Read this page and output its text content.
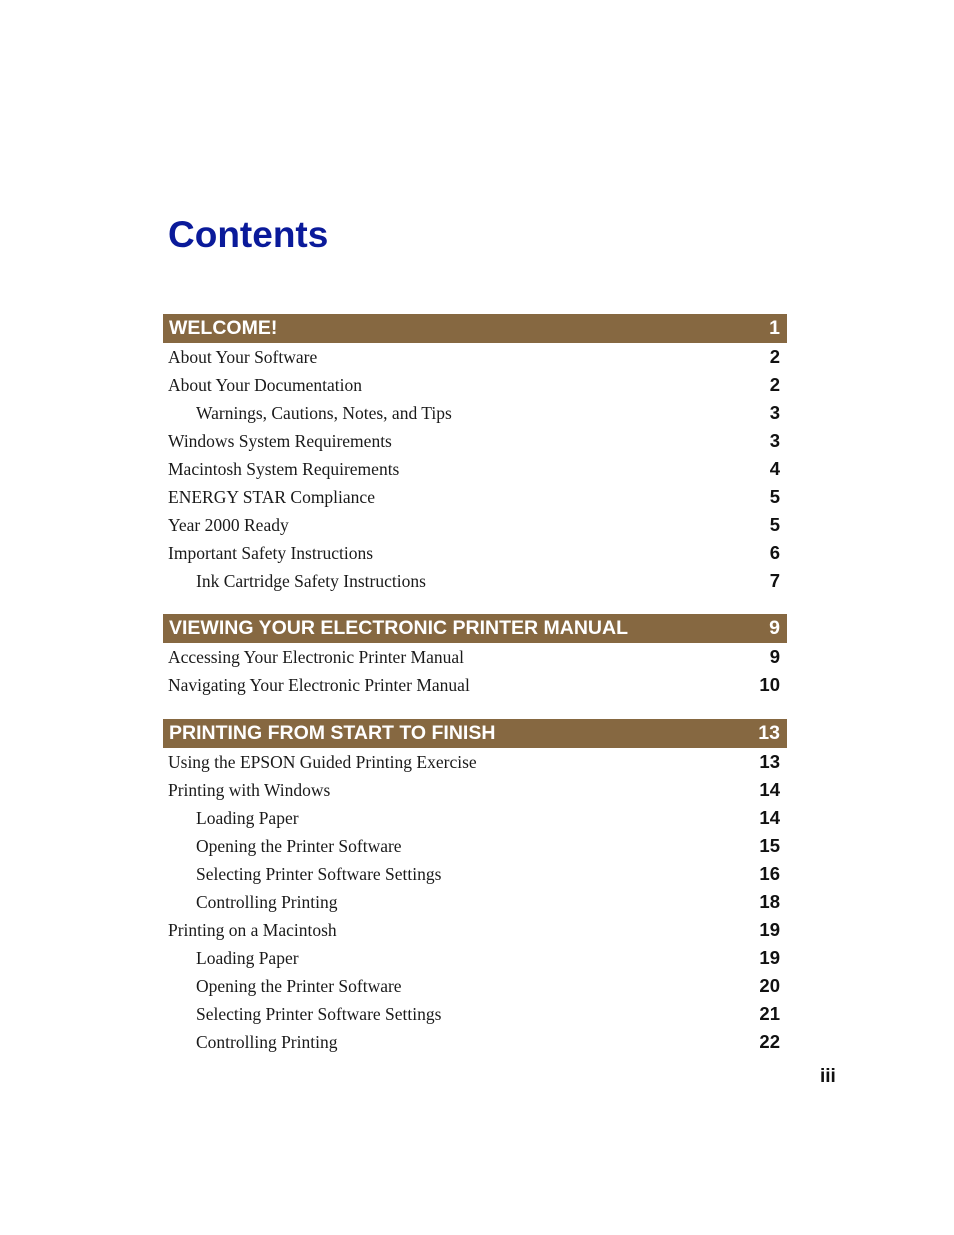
Contents
WELCOME!	1
About Your Software	2
About Your Documentation	2
Warnings, Cautions, Notes, and Tips	3
Windows System Requirements	3
Macintosh System Requirements	4
ENERGY STAR Compliance	5
Year 2000 Ready	5
Important Safety Instructions	6
Ink Cartridge Safety Instructions	7
VIEWING YOUR ELECTRONIC PRINTER MANUAL	9
Accessing Your Electronic Printer Manual	9
Navigating Your Electronic Printer Manual	10
PRINTING FROM START TO FINISH	13
Using the EPSON Guided Printing Exercise	13
Printing with Windows	14
Loading Paper	14
Opening the Printer Software	15
Selecting Printer Software Settings	16
Controlling Printing	18
Printing on a Macintosh	19
Loading Paper	19
Opening the Printer Software	20
Selecting Printer Software Settings	21
Controlling Printing	22
iii
